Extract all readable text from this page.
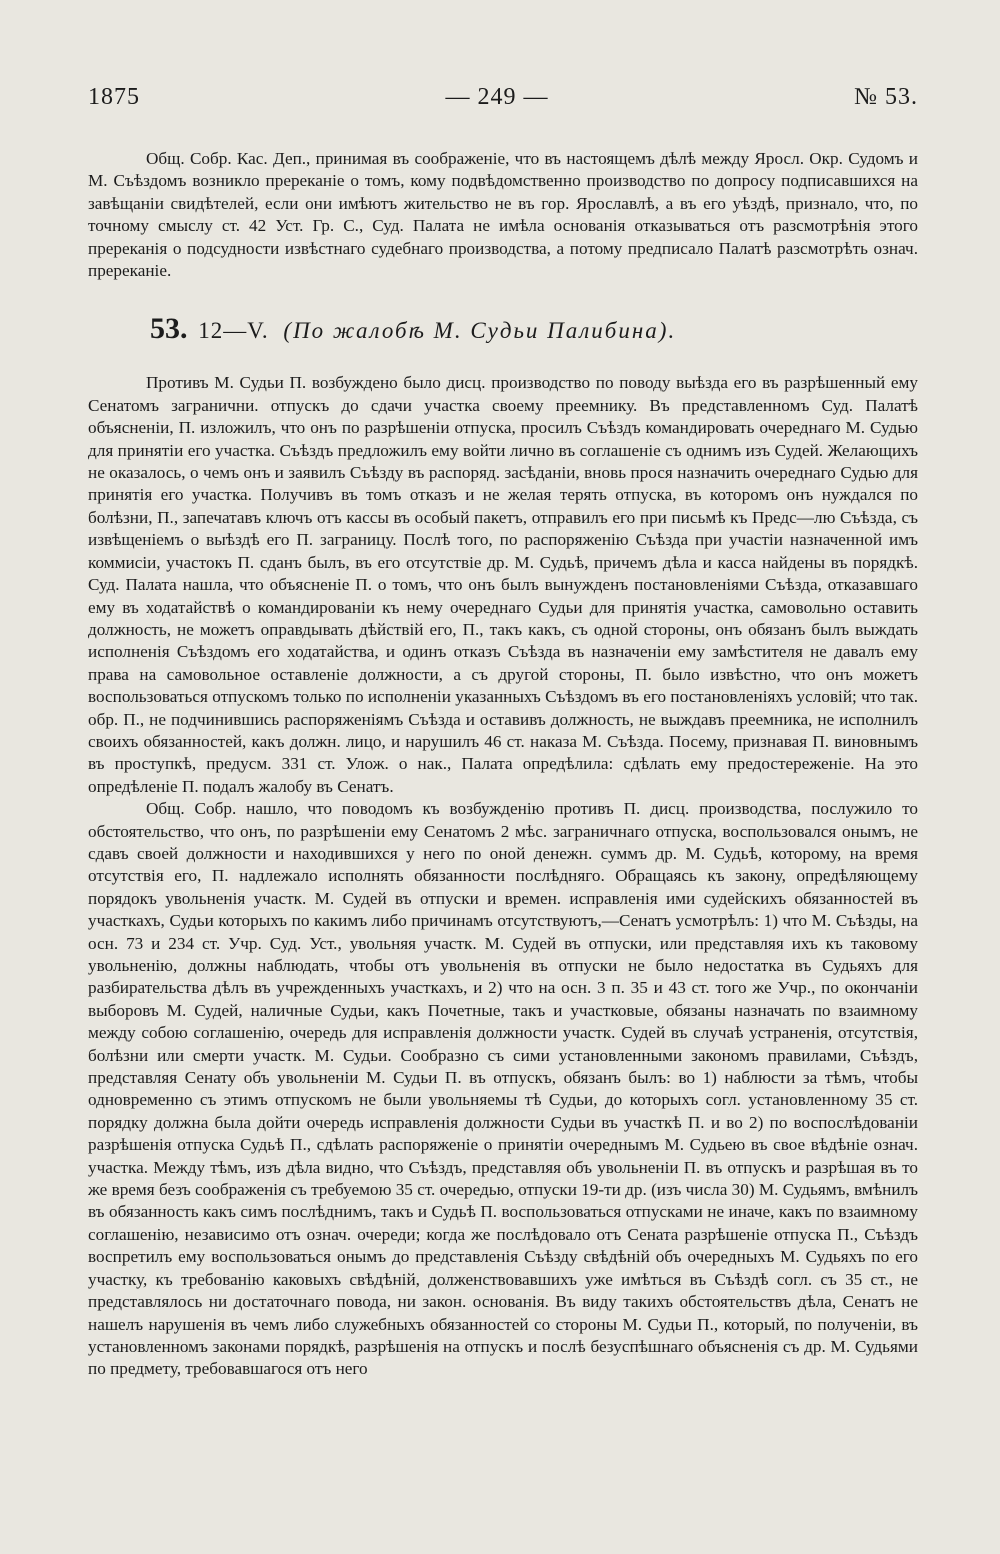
1875	— 249 —	№ 53.

Общ. Собр. Кас. Деп., принимая въ соображеніе, что въ настоящемъ дѣлѣ между Яросл. Окр. Судомъ и М. Съѣздомъ возникло пререканіе о томъ, кому подвѣдомственно производство по допросу подписавшихся на завѣщаніи свидѣтелей, если они имѣютъ жительство не въ гор. Ярославлѣ, а въ его уѣздѣ, признало, что, по точному смыслу ст. 42 Уст. Гр. С., Суд. Палата не имѣла основанія отказываться отъ разсмотрѣнія этого пререканія о подсудности извѣстнаго судебнаго производства, а потому предписало Палатѣ разсмотрѣть означ. пререканіе.

53. 12—V. (По жалобѣ М. Судьи Палибина).

Противъ М. Судьи П. возбуждено было дисц. производство по поводу выѣзда его въ разрѣшенный ему Сенатомъ загранични. отпускъ до сдачи участка своему преемнику. Въ представленномъ Суд. Палатѣ объясненіи, П. изложилъ, что онъ по разрѣшеніи отпуска, просилъ Съѣздъ командировать очереднаго М. Судью для принятіи его участка. Съѣздъ предложилъ ему войти лично въ соглашеніе съ однимъ изъ Судей. Желающихъ не оказалось, о чемъ онъ и заявилъ Съѣзду въ распоряд. засѣданіи, вновь прося назначить очереднаго Судью для принятія его участка. Получивъ въ томъ отказъ и не желая терять отпуска, въ которомъ онъ нуждался по болѣзни, П., запечатавъ ключъ отъ кассы въ особый пакетъ, отправилъ его при письмѣ къ Предс—лю Съѣзда, съ извѣщеніемъ о выѣздѣ его П. заграницу. Послѣ того, по распоряженію Съѣзда при участіи назначенной имъ коммисіи, участокъ П. сданъ былъ, въ его отсутствіе др. М. Судьѣ, причемъ дѣла и касса найдены въ порядкѣ. Суд. Палата нашла, что объясненіе П. о томъ, что онъ былъ вынужденъ постановленіями Съѣзда, отказавшаго ему въ ходатайствѣ о командированіи къ нему очереднаго Судьи для принятія участка, самовольно оставить должность, не можетъ оправдывать дѣйствій его, П., такъ какъ, съ одной стороны, онъ обязанъ былъ выждать исполненія Съѣздомъ его ходатайства, и одинъ отказъ Съѣзда въ назначеніи ему замѣстителя не давалъ ему права на самовольное оставленіе должности, а съ другой стороны, П. было извѣстно, что онъ можетъ воспользоваться отпускомъ только по исполненіи указанныхъ Съѣздомъ въ его постановленіяхъ условій; что так. обр. П., не подчинившись распоряженіямъ Съѣзда и оставивъ должность, не выждавъ преемника, не исполнилъ своихъ обязанностей, какъ должн. лицо, и нарушилъ 46 ст. наказа М. Съѣзда. Посему, признавая П. виновнымъ въ проступкѣ, предусм. 331 ст. Улож. о нак., Палата опредѣлила: сдѣлать ему предостереженіе. На это опредѣленіе П. подалъ жалобу въ Сенатъ.

Общ. Собр. нашло, что поводомъ къ возбужденію противъ П. дисц. производства, послужило то обстоятельство, что онъ, по разрѣшеніи ему Сенатомъ 2 мѣс. заграничнаго отпуска, воспользовался онымъ, не сдавъ своей должности и находившихся у него по оной денежн. суммъ др. М. Судьѣ, которому, на время отсутствія его, П. надлежало исполнять обязанности послѣдняго. Обращаясь къ закону, опредѣляющему порядокъ увольненія участк. М. Судей въ отпуски и времен. исправленія ими судейскихъ обязанностей въ участкахъ, Судьи которыхъ по какимъ либо причинамъ отсутствуютъ,—Сенатъ усмотрѣлъ: 1) что М. Съѣзды, на осн. 73 и 234 ст. Учр. Суд. Уст., увольняя участк. М. Судей въ отпуски, или представляя ихъ къ таковому увольненію, должны наблюдать, чтобы отъ увольненія въ отпуски не было недостатка въ Судьяхъ для разбирательства дѣлъ въ учрежденныхъ участкахъ, и 2) что на осн. 3 п. 35 и 43 ст. того же Учр., по окончаніи выборовъ М. Судей, наличные Судьи, какъ Почетные, такъ и участковые, обязаны назначать по взаимному между собою соглашенію, очередь для исправленія должности участк. Судей въ случаѣ устраненія, отсутствія, болѣзни или смерти участк. М. Судьи. Сообразно съ сими установленными закономъ правилами, Съѣздъ, представляя Сенату объ увольненіи М. Судьи П. въ отпускъ, обязанъ былъ: во 1) наблюсти за тѣмъ, чтобы одновременно съ этимъ отпускомъ не были увольняемы тѣ Судьи, до которыхъ согл. установленному 35 ст. порядку должна была дойти очередь исправленія должности Судьи въ участкѣ П. и во 2) по воспослѣдованіи разрѣшенія отпуска Судьѣ П., сдѣлать распоряженіе о принятіи очереднымъ М. Судьею въ свое вѣдѣніе означ. участка. Между тѣмъ, изъ дѣла видно, что Съѣздъ, представляя объ увольненіи П. въ отпускъ и разрѣшая въ то же время безъ соображенія съ требуемою 35 ст. очередью, отпуски 19-ти др. (изъ числа 30) М. Судьямъ, вмѣнилъ въ обязанность какъ симъ послѣднимъ, такъ и Судьѣ П. воспользоваться отпусками не иначе, какъ по взаимному соглашенію, независимо отъ означ. очереди; когда же послѣдовало отъ Сената разрѣшеніе отпуска П., Съѣздъ воспретилъ ему воспользоваться онымъ до представленія Съѣзду свѣдѣній объ очередныхъ М. Судьяхъ по его участку, къ требованію каковыхъ свѣдѣній, долженствовавшихъ уже имѣться въ Съѣздѣ согл. съ 35 ст., не представлялось ни достаточнаго повода, ни закон. основанія. Въ виду такихъ обстоятельствъ дѣла, Сенатъ не нашелъ нарушенія въ чемъ либо служебныхъ обязанностей со стороны М. Судьи П., который, по полученіи, въ установленномъ законами порядкѣ, разрѣшенія на отпускъ и послѣ безуспѣшнаго объясненія съ др. М. Судьями по предмету, требовавшагося отъ него
